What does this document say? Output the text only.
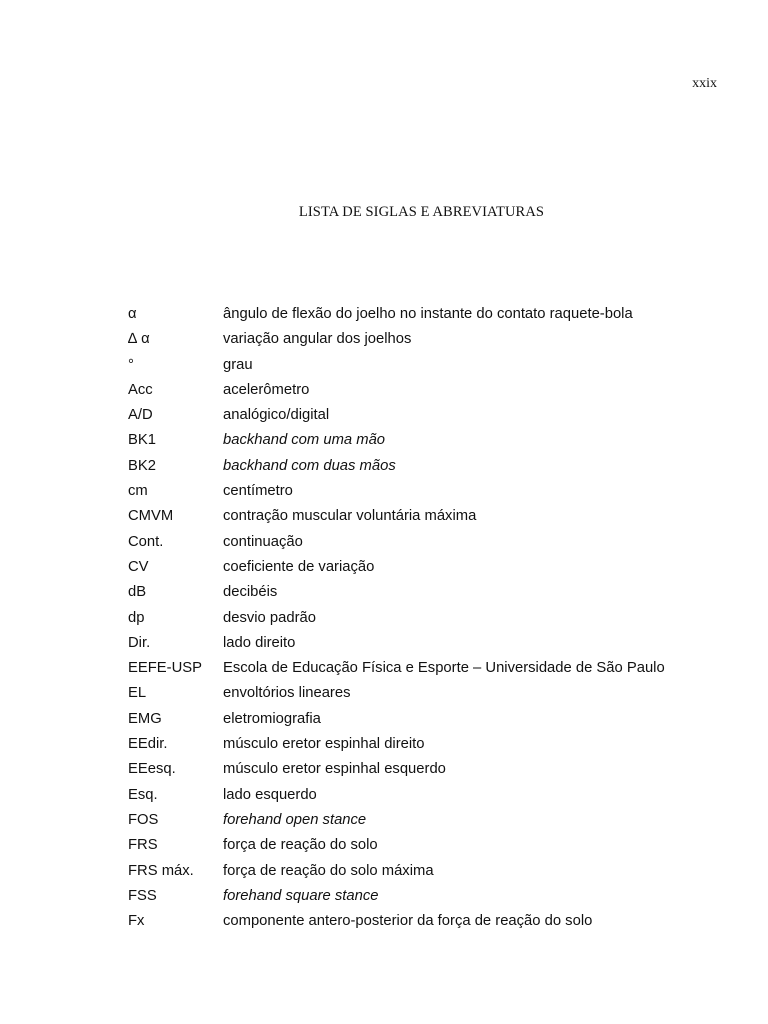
xxix

LISTA DE SIGLAS E ABREVIATURAS
α	ângulo de flexão do joelho no instante do contato raquete-bola
∆ α	variação angular dos joelhos
°	grau
Acc	acelerômetro
A/D	analógico/digital
BK1	backhand com uma mão
BK2	backhand com duas mãos
cm	centímetro
CMVM	contração muscular voluntária máxima
Cont.	continuação
CV	coeficiente de variação
dB	decibéis
dp	desvio padrão
Dir.	lado direito
EEFE-USP	Escola de Educação Física e Esporte – Universidade de São Paulo
EL	envoltórios lineares
EMG	eletromiografia
EEdir.	músculo eretor espinhal direito
EEesq.	músculo eretor espinhal esquerdo
Esq.	lado esquerdo
FOS	forehand open stance
FRS	força de reação do solo
FRS máx.	força de reação do solo máxima
FSS	forehand square stance
Fx	componente antero-posterior da força de reação do solo
